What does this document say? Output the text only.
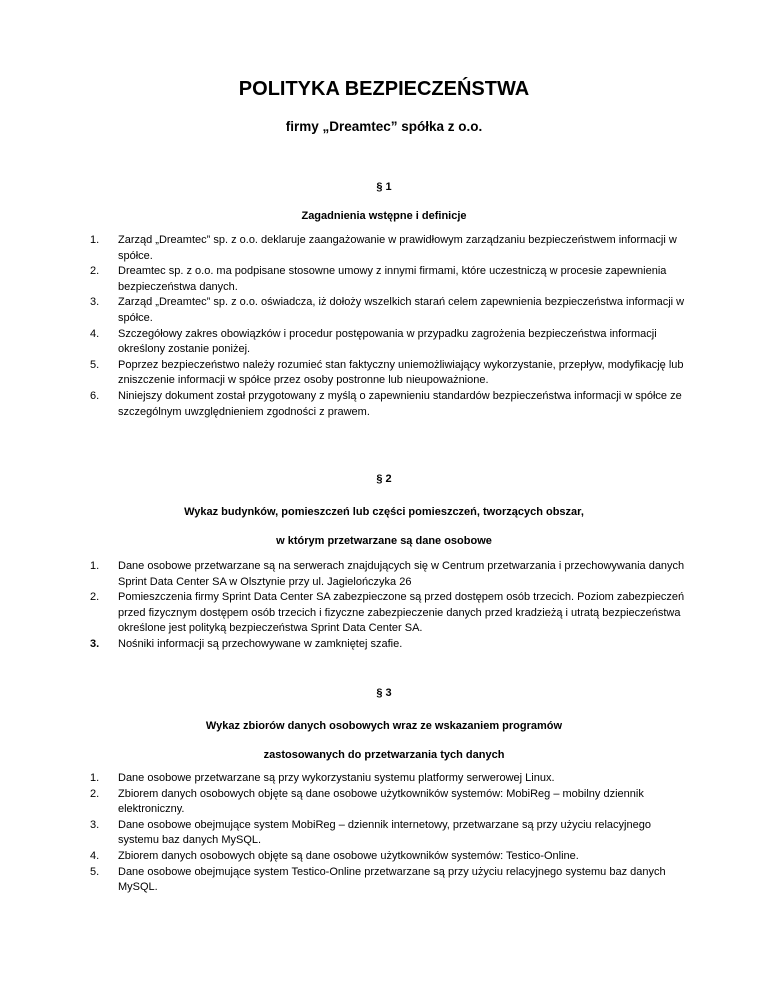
POLITYKA BEZPIECZEŃSTWA

firmy „Dreamtec” spółka z o.o.

§ 1

Zagadnienia wstępne i definicje

1.	Zarząd „Dreamtec” sp. z o.o. deklaruje zaangażowanie w prawidłowym zarządzaniu bezpieczeństwem informacji w spółce.
2.	Dreamtec sp. z o.o. ma podpisane stosowne umowy z innymi firmami, które uczestniczą w procesie zapewnienia bezpieczeństwa danych.
3.	Zarząd „Dreamtec” sp. z o.o. oświadcza, iż dołoży wszelkich starań celem zapewnienia bezpieczeństwa informacji w spółce.
4.	Szczegółowy zakres obowiązków i procedur postępowania w przypadku zagrożenia bezpieczeństwa informacji określony zostanie poniżej.
5.	Poprzez bezpieczeństwo należy rozumieć stan faktyczny uniemożliwiający wykorzystanie, przepływ, modyfikację lub zniszczenie informacji w spółce przez osoby postronne lub nieupoważnione.
6.	Niniejszy dokument został przygotowany z myślą o zapewnieniu standardów bezpieczeństwa informacji w spółce ze szczególnym uwzględnieniem zgodności z prawem.

§ 2

Wykaz budynków, pomieszczeń lub części pomieszczeń, tworzących obszar,
w którym przetwarzane są dane osobowe

1.	Dane osobowe przetwarzane są na serwerach znajdujących się w Centrum przetwarzania i przechowywania danych Sprint Data Center SA w Olsztynie przy ul. Jagielończyka 26
2.	Pomieszczenia firmy Sprint Data Center SA zabezpieczone są przed dostępem osób trzecich. Poziom zabezpieczeń przed fizycznym dostępem osób trzecich i fizyczne zabezpieczenie danych przed kradzieżą i utratą bezpieczeństwa określone jest polityką bezpieczeństwa Sprint Data Center SA.
3.	Nośniki informacji są przechowywane w zamkniętej szafie.

§ 3

Wykaz zbiorów danych osobowych wraz ze wskazaniem programów
zastosowanych do przetwarzania tych danych

1.	Dane osobowe przetwarzane są przy wykorzystaniu systemu platformy serwerowej Linux.
2.	Zbiorem danych osobowych objęte są dane osobowe użytkowników systemów: MobiReg – mobilny dziennik elektroniczny.
3.	Dane osobowe obejmujące system MobiReg – dziennik internetowy, przetwarzane są przy użyciu relacyjnego systemu baz danych MySQL.
4.	Zbiorem danych osobowych objęte są dane osobowe użytkowników systemów: Testico-Online.
5.	Dane osobowe obejmujące system Testico-Online przetwarzane są przy użyciu relacyjnego systemu baz danych MySQL.
